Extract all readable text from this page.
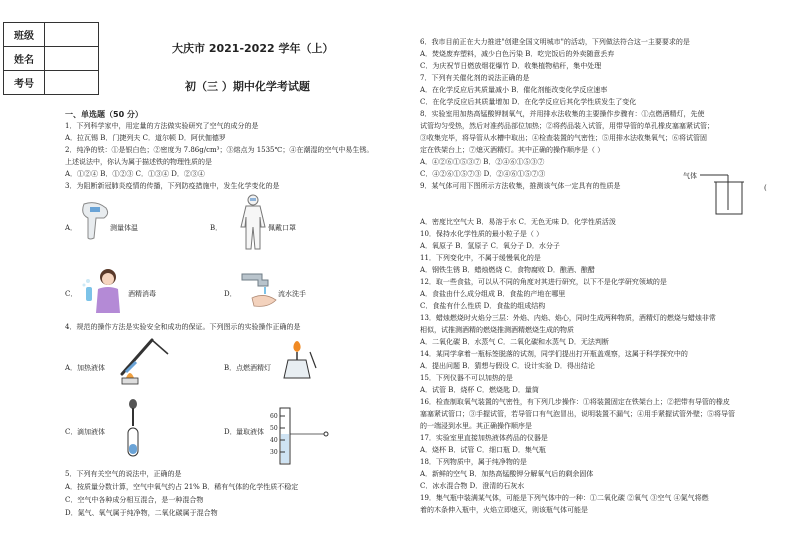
班级	
姓名	
考号	
大庆市 2021-2022 学年（上）
初（三 ）期中化学考试题
一、单选题（50 分）
1．下列科学家中，用定量的方法做实验研究了空气的成分的是
A．拉瓦锡 B．门捷列夫 C．道尔顿 D．阿伏伽德罗
2．纯净的铁：①是银白色；②密度为 7.86g/cm³；③熔点为 1535℃；④在潮湿的空气中易生锈。
上述说法中，你认为属于描述铁的物理性质的是
A．①②④ B．①②③ C．①③④ D．②③④
3．为阻断新冠肺炎疫情的传播，下列防疫措施中，发生化学变化的是
A．	测量体温	B．	佩戴口罩
C．	酒精消毒	D．	流水洗手
4．规范的操作方法是实验安全和成功的保证。下列图示的实验操作正确的是
A． 加热液体	B． 点燃酒精灯
C． 滴加液体	D． 量取液体
60
50
40
30
5．下列有关空气的说法中，正确的是
A．按质量分数计算，空气中氧气约占 21% B．稀有气体的化学性质不稳定
C．空气中各种成分相互混合，是一种混合物
D．氮气、氧气属于纯净物，二氧化碳属于混合物
6．我市目前正在大力推进"创建全国文明城市"的活动，下列做法符合这一主要要求的是
A．焚烧废弃塑料，减少白色污染 B．吃完饭后的外卖随意丢弃
C．为庆祝节日燃放烟花爆竹 D．收集植物秸秆，集中处理
7．下列有关催化剂的说法正确的是
A．在化学反应后其质量减小 B．催化剂能改变化学反应速率
C．在化学反应后其质量增加 D．在化学反应后其化学性质发生了变化
8．实验室用加热高锰酸钾制氧气，并用排水法收集的主要操作步骤有：①点燃酒精灯，先使
试管均匀受热，然后对准药品部位加热；②将药品装入试管，用带导管的单孔橡皮塞塞紧试管；
③收集完毕，将导管从水槽中取出；④检查装置的气密性；⑤用排水法收集氧气；⑥将试管固
定在铁架台上；⑦熄灭酒精灯。其中正确的操作顺序是（ ）
A．④②⑥①⑤③⑦ B．②④⑥①⑤③⑦
C．④②⑥①⑤⑦③ D．②④⑥①⑤⑦③
9．某气体可用下图所示方法收集，推测该气体一定具有的性质是
气体
(
A．密度比空气大 B．易溶于水 C．无色无味 D．化学性质活泼
10．保持水化学性质的最小粒子是（ ）
A．氧原子 B．氢原子 C．氧分子 D．水分子
11．下列变化中，不属于缓慢氧化的是
A．钢铁生锈 B．蜡烛燃烧 C．食物腐败 D．酿酒、酿醋
12．取一些食盐，可以从不同的角度对其进行研究，以下不是化学研究领域的是
A．食盐由什么成分组成 B．食盐的产地在哪里
C．食盐有什么性质 D．食盐的组成结构
13．蜡烛燃烧时火焰分三层：外焰、内焰、焰心，同时生成两种物质，酒精灯的燃烧与蜡烛非常
相似，试推测酒精的燃烧推测酒精燃烧生成的物质
A．二氧化碳 B．水蒸气 C．二氧化碳和水蒸气 D．无法判断
14．某同学拿着一瓶标签脱落的试剂，同学们提出打开瓶盖观察，这属于科学探究中的
A．提出问题 B．猜想与假设 C．设计实验 D．得出结论
15．下列仪器不可以加热的是
A．试管 B．烧杯 C．燃烧匙 D．量筒
16．检查制取氧气装置的气密性，有下列几步操作：①将装置固定在铁架台上；②把带有导管的橡皮
塞塞紧试管口；③手握试管，若导管口有气泡冒出，说明装置不漏气；④用手紧握试管外壁；⑤将导管
的一端浸到水里。其正确操作顺序是
17．实验室里直接加热液体药品的仪器是
A．烧杯 B．试管 C．细口瓶 D．集气瓶
18．下列物质中，属于纯净物的是
A．新鲜的空气 B．加热高锰酸钾分解氧气后的剩余固体
C．冰水混合物 D．澄清的石灰水
19．集气瓶中装满某气体，可能是下列气体中的一种：①二氧化碳 ②氧气 ③空气 ④氮气将燃
着的木条伸入瓶中，火焰立即熄灭，则该瓶气体可能是
